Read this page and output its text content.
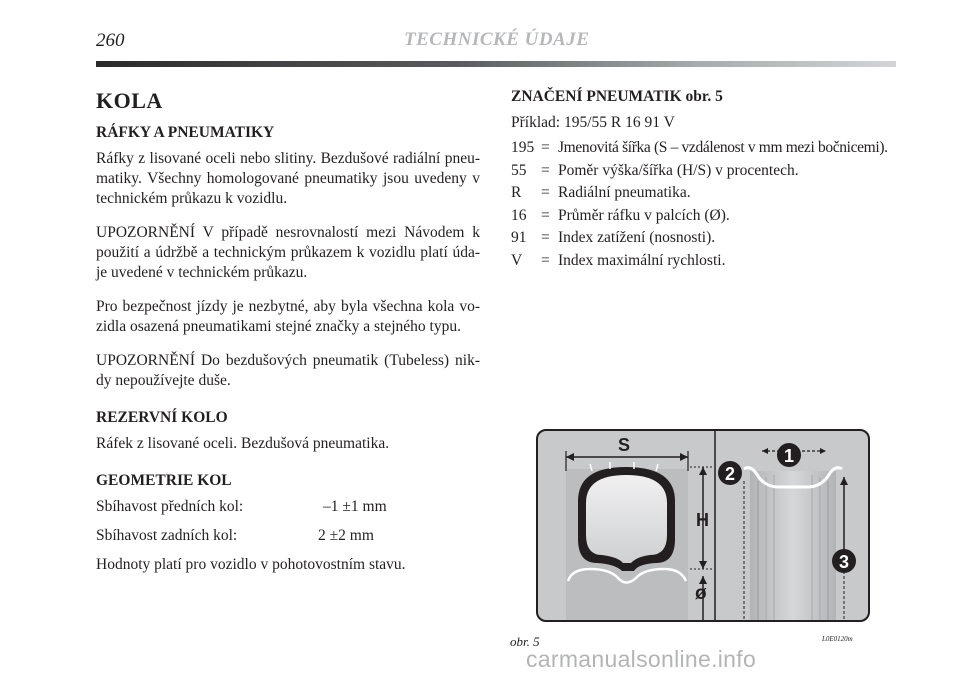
260	TECHNICKÉ ÚDAJE
KOLA
RÁFKY A PNEUMATIKY

Ráfky z lisované oceli nebo slitiny. Bezdušové radiální pneu-matiky. Všechny homologované pneumatiky jsou uvedeny v technickém průkazu k vozidlu.

UPOZORNĚNÍ V případě nesrovnalostí mezi Návodem k použití a údržbě a technickým průkazem k vozidlu platí úda-je uvedené v technickém průkazu.

Pro bezpečnost jízdy je nezbytné, aby byla všechna kola vo-zidla osazená pneumatikami stejné značky a stejného typu.

UPOZORNĚNÍ Do bezdušových pneumatik (Tubeless) nik-dy nepoužívejte duše.

REZERVNÍ KOLO

Ráfek z lisované oceli. Bezdušová pneumatika.

GEOMETRIE KOL
Sbíhavost předních kol:	–1 ±1 mm
Sbíhavost zadních kol:	2 ±2 mm

Hodnoty platí pro vozidlo v pohotovostním stavu.

ZNAČENÍ PNEUMATIK obr. 5
Příklad: 195/55 R 16 91 V
195 = Jmenovitá šířka (S – vzdálenost v mm mezi bočnicemi).
55 = Poměr výška/šířka (H/S) v procentech.
R	= Radiální pneumatika.
16 = Průměr ráfku v palcích (Ø).
91 = Index zatížení (nosnosti).
V	= Index maximální rychlosti.
S
H
ø
1
2
3
obr. 5	L0E0120m
carmanualsonline.info
